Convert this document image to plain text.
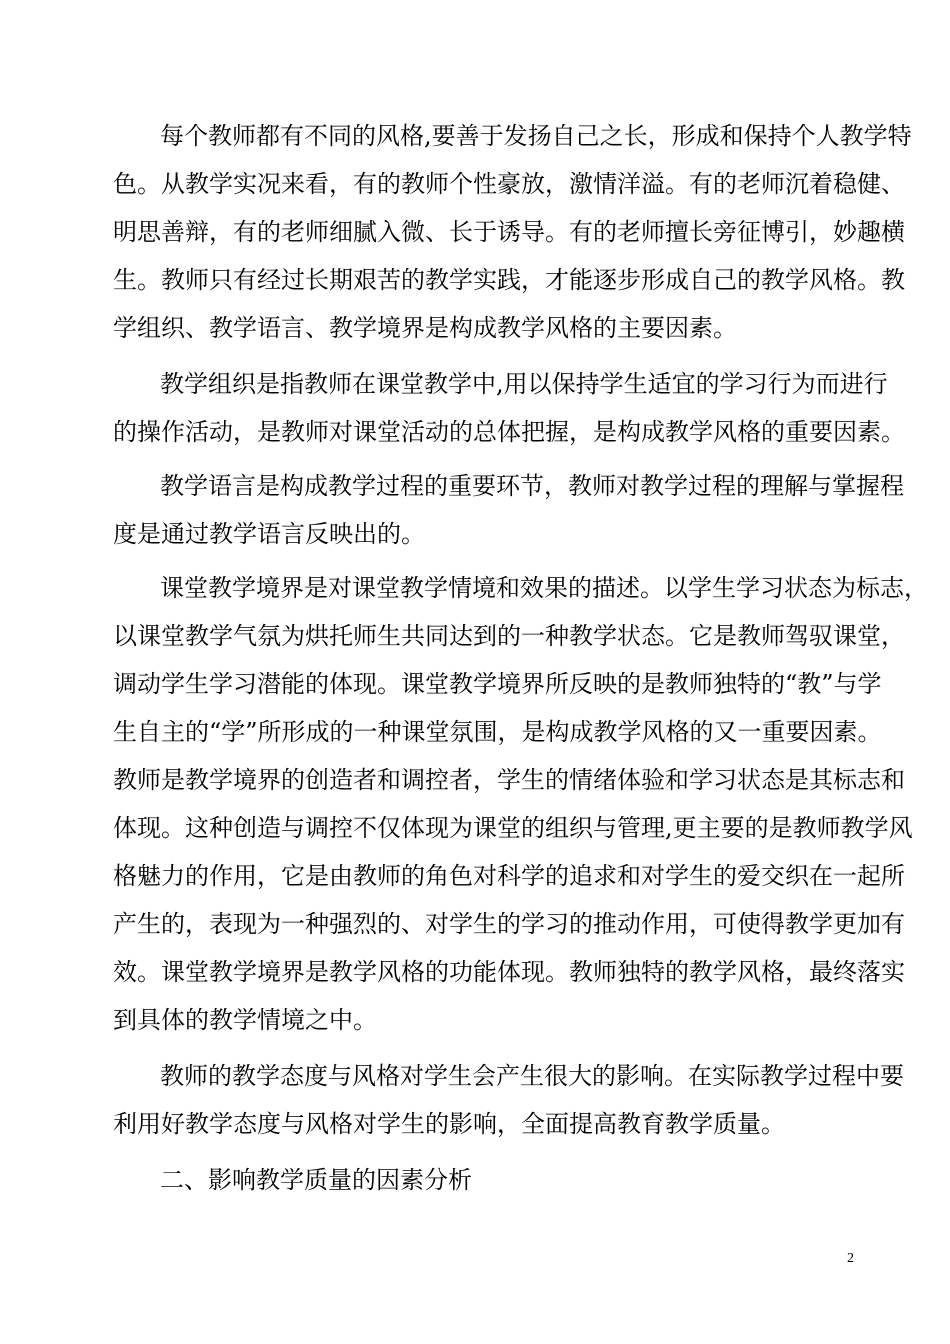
每个教师都有不同的风格,要善于发扬自己之长，形成和保持个人教学特
色。从教学实况来看，有的教师个性豪放，激情洋溢。有的老师沉着稳健、
明思善辩，有的老师细腻入微、长于诱导。有的老师擅长旁征博引，妙趣横
生。教师只有经过长期艰苦的教学实践，才能逐步形成自己的教学风格。教
学组织、教学语言、教学境界是构成教学风格的主要因素。
教学组织是指教师在课堂教学中,用以保持学生适宜的学习行为而进行
的操作活动，是教师对课堂活动的总体把握，是构成教学风格的重要因素。
教学语言是构成教学过程的重要环节，教师对教学过程的理解与掌握程
度是通过教学语言反映出的。
课堂教学境界是对课堂教学情境和效果的描述。以学生学习状态为标志，
以课堂教学气氛为烘托师生共同达到的一种教学状态。它是教师驾驭课堂，
调动学生学习潜能的体现。课堂教学境界所反映的是教师独特的“教”与学
生自主的“学”所形成的一种课堂氛围，是构成教学风格的又一重要因素。
教师是教学境界的创造者和调控者，学生的情绪体验和学习状态是其标志和
体现。这种创造与调控不仅体现为课堂的组织与管理,更主要的是教师教学风
格魅力的作用，它是由教师的角色对科学的追求和对学生的爱交织在一起所
产生的，表现为一种强烈的、对学生的学习的推动作用，可使得教学更加有
效。课堂教学境界是教学风格的功能体现。教师独特的教学风格，最终落实
到具体的教学情境之中。
教师的教学态度与风格对学生会产生很大的影响。在实际教学过程中要
利用好教学态度与风格对学生的影响，全面提高教育教学质量。
二、影响教学质量的因素分析
2
